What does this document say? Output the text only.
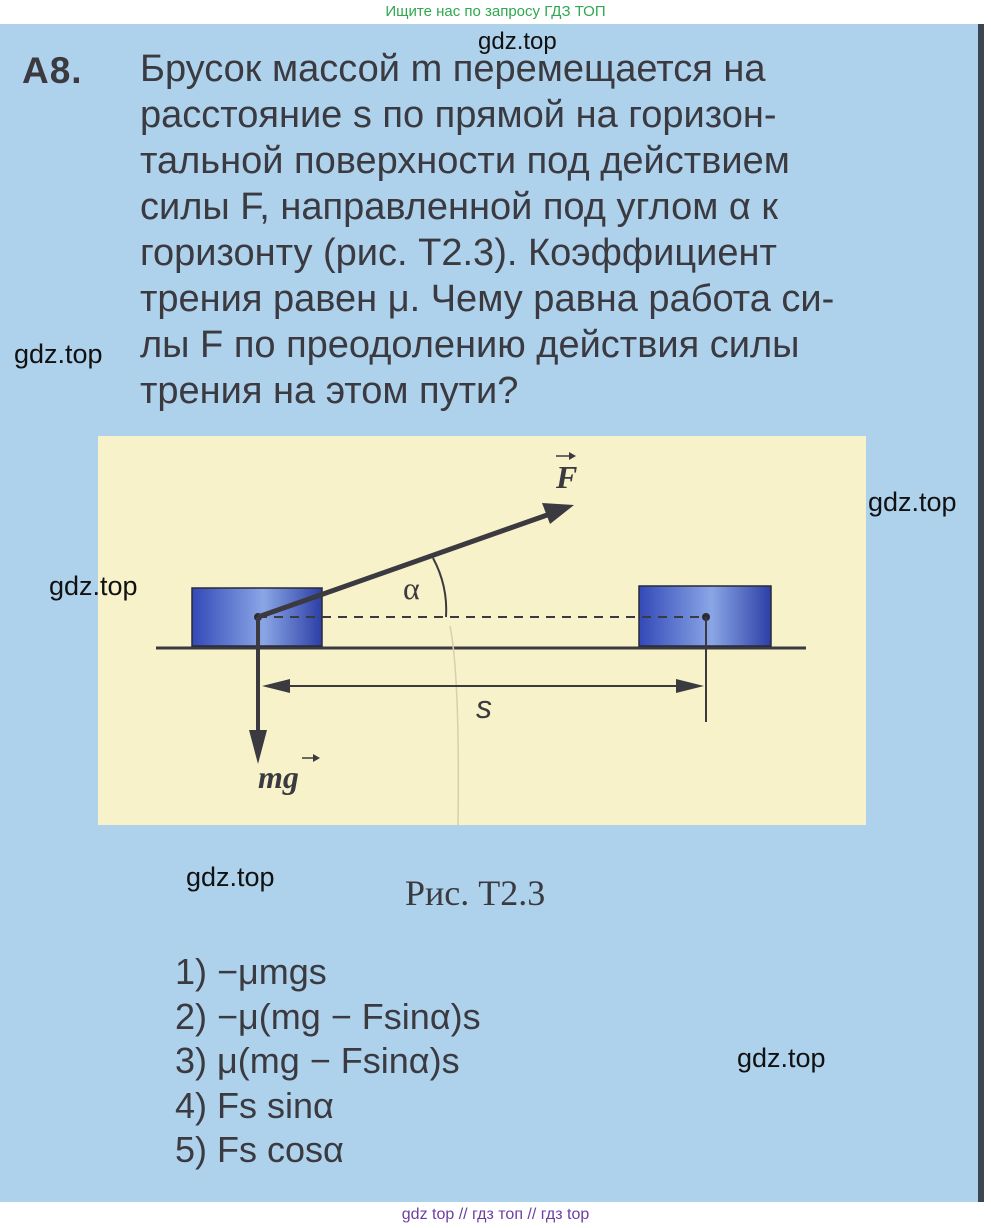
Ищите нас по запросу ГДЗ ТОП
А8. Брусок массой m перемещается на
расстояние s по прямой на горизон-
тальной поверхности под действием
силы F, направленной под углом α к
горизонту (рис. Т2.3). Коэффициент
трения равен μ. Чему равна работа си-
лы F по преодолению действия силы
трения на этом пути?
F
α
s
mg
Рис. Т2.3
1) −μmgs
2) −μ(mg − Fsinα)s
3) μ(mg − Fsinα)s
4) Fs sinα
5) Fs cosα
gdz.top
gdz.top
gdz.top
gdz.top
gdz.top
gdz.top
gdz top // гдз топ // гдз top
